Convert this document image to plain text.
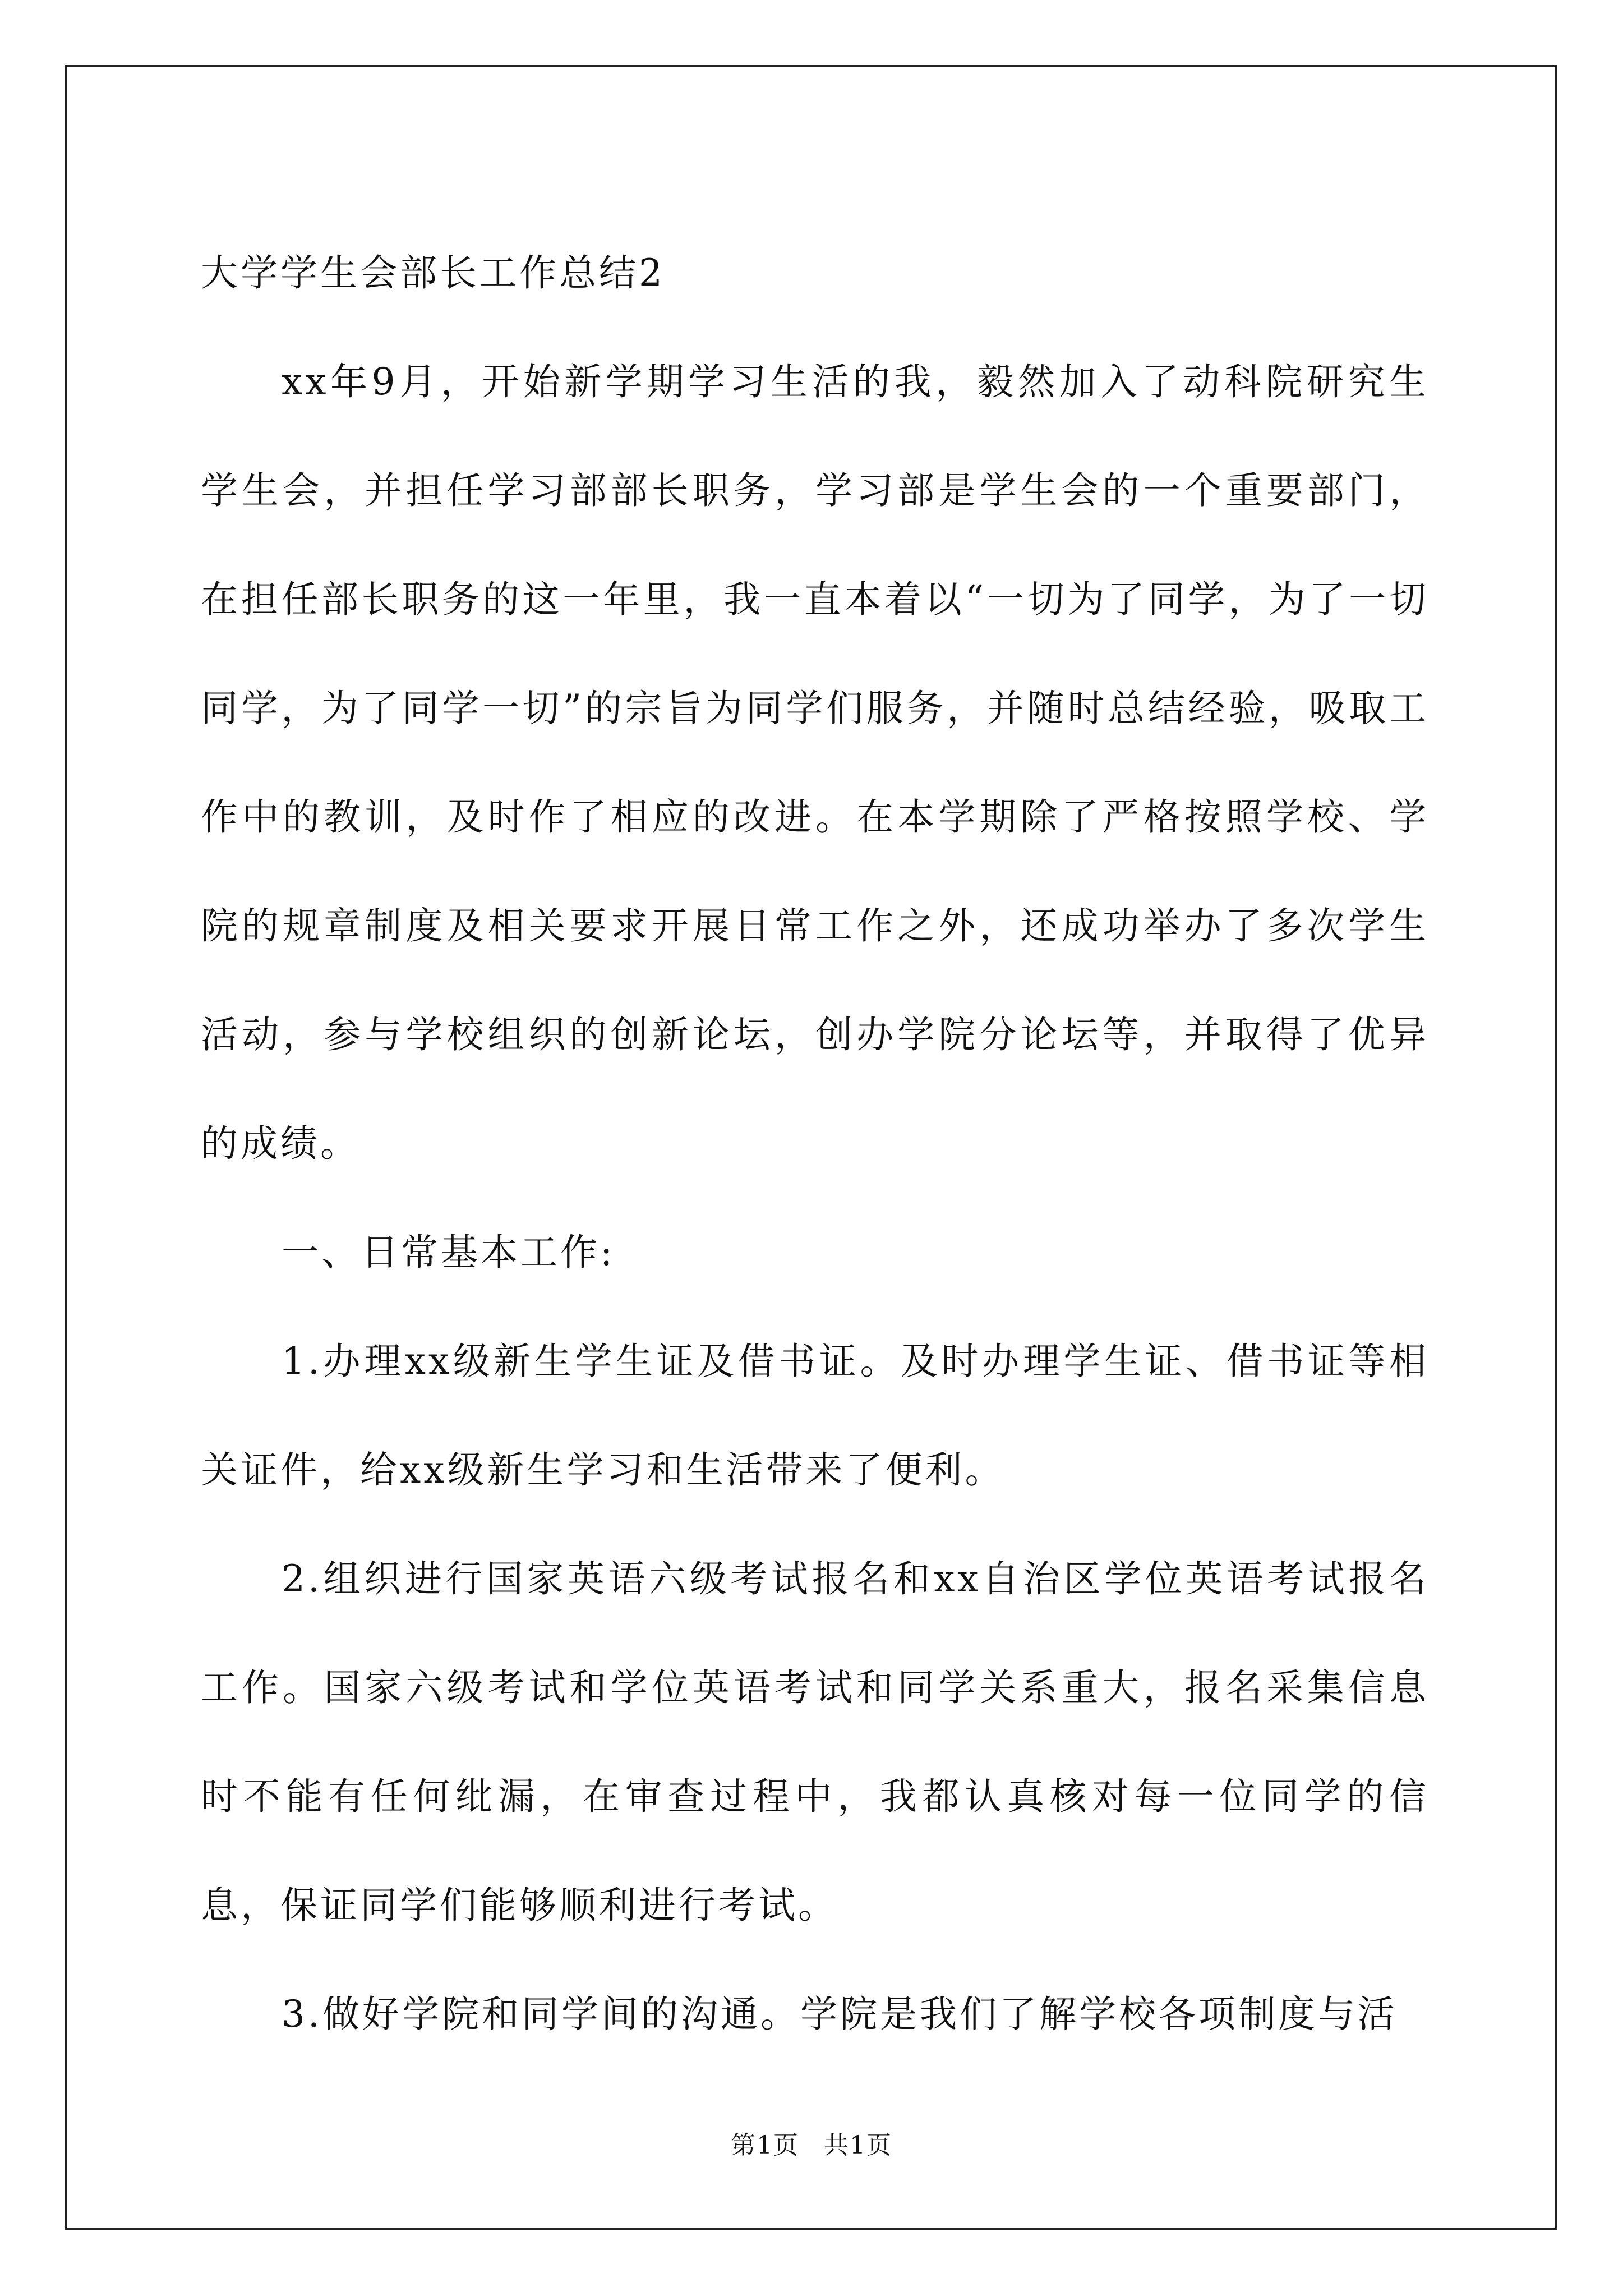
大学学生会部长工作总结2

xx年9月，开始新学期学习生活的我，毅然加入了动科院研究生学生会，并担任学习部部长职务，学习部是学生会的一个重要部门，在担任部长职务的这一年里，我一直本着以“一切为了同学，为了一切同学，为了同学一切”的宗旨为同学们服务，并随时总结经验，吸取工作中的教训，及时作了相应的改进。在本学期除了严格按照学校、学院的规章制度及相关要求开展日常工作之外，还成功举办了多次学生活动，参与学校组织的创新论坛，创办学院分论坛等，并取得了优异的成绩。

一、日常基本工作:

1.办理xx级新生学生证及借书证。及时办理学生证、借书证等相关证件，给xx级新生学习和生活带来了便利。

2.组织进行国家英语六级考试报名和xx自治区学位英语考试报名工作。国家六级考试和学位英语考试和同学关系重大，报名采集信息时不能有任何纰漏，在审查过程中，我都认真核对每一位同学的信息，保证同学们能够顺利进行考试。

3.做好学院和同学间的沟通。学院是我们了解学校各项制度与活

第1页 共1页
